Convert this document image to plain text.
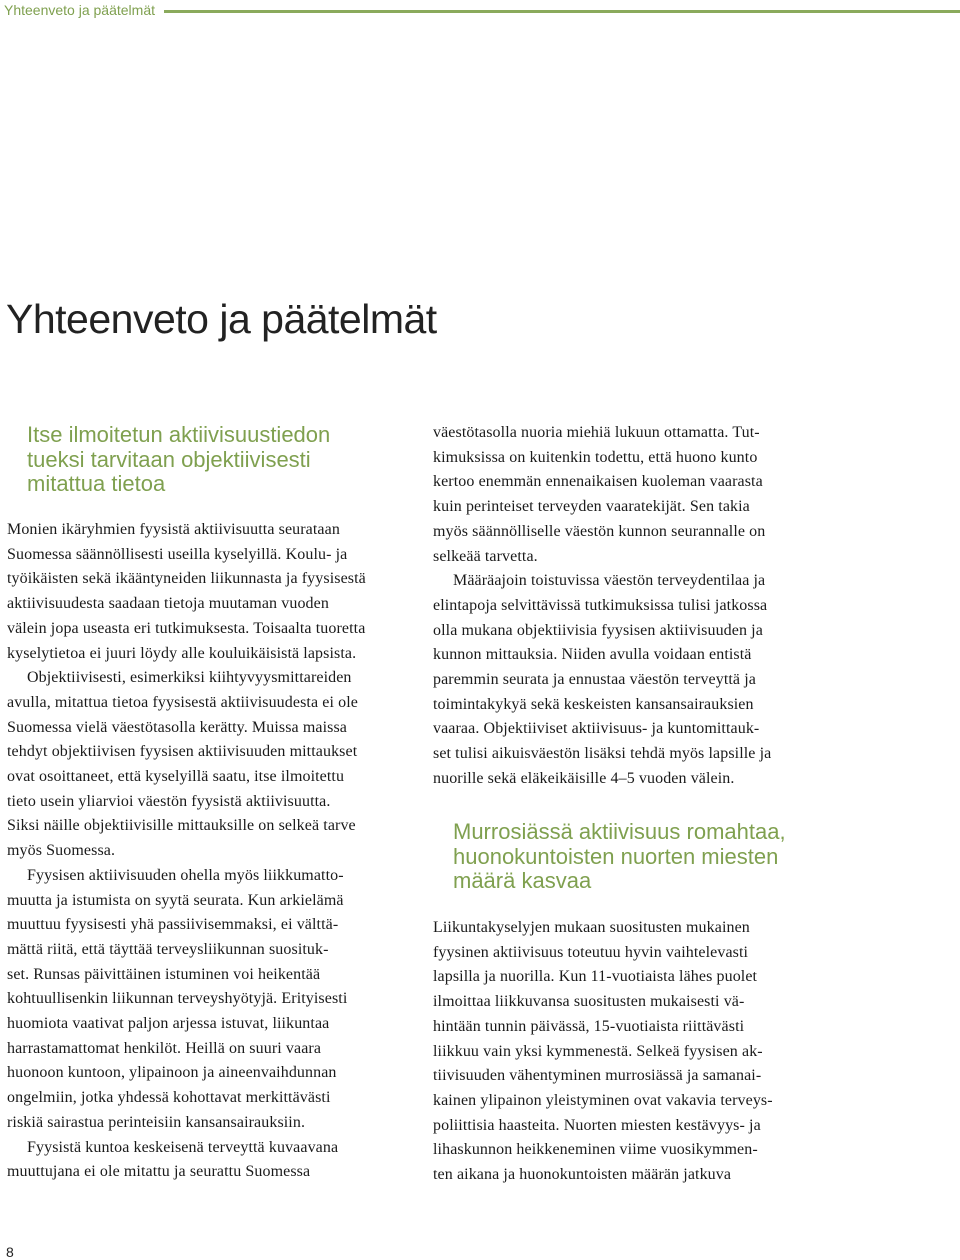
Yhteenveto ja päätelmät
Yhteenveto ja päätelmät
Itse ilmoitetun aktiivisuustiedon
tueksi tarvitaan objektiivisesti
mitattua tietoa

Monien ikäryhmien fyysistä aktiivisuutta seurataan
Suomessa säännöllisesti useilla kyselyillä. Koulu- ja
työikäisten sekä ikääntyneiden liikunnasta ja fyysisestä
aktiivisuudesta saadaan tietoja muutaman vuoden
välein jopa useasta eri tutkimuksesta. Toisaalta tuoretta
kyselytietoa ei juuri löydy alle kouluikäisistä lapsista.

Objektiivisesti, esimerkiksi kiihtyvyysmittareiden
avulla, mitattua tietoa fyysisestä aktiivisuudesta ei ole
Suomessa vielä väestötasolla kerätty. Muissa maissa
tehdyt objektiivisen fyysisen aktiivisuuden mittaukset
ovat osoittaneet, että kyselyillä saatu, itse ilmoitettu
tieto usein yliarvioi väestön fyysistä aktiivisuutta.
Siksi näille objektiivisille mittauksille on selkeä tarve
myös Suomessa.

Fyysisen aktiivisuuden ohella myös liikkumatto-
muutta ja istumista on syytä seurata. Kun arkielämä
muuttuu fyysisesti yhä passiivisemmaksi, ei välttä-
mättä riitä, että täyttää terveysliikunnan suosituk-
set. Runsas päivittäinen istuminen voi heikentää
kohtuullisenkin liikunnan terveyshyötyjä. Erityisesti
huomiota vaativat paljon arjessa istuvat, liikuntaa
harrastamattomat henkilöt. Heillä on suuri vaara
huonoon kuntoon, ylipainoon ja aineenvaihdunnan
ongelmiin, jotka yhdessä kohottavat merkittävästi
riskiä sairastua perinteisiin kansansairauksiin.

Fyysistä kuntoa keskeisenä terveyttä kuvaavana
muuttujana ei ole mitattu ja seurattu Suomessa

väestötasolla nuoria miehiä lukuun ottamatta. Tut-
kimuksissa on kuitenkin todettu, että huono kunto
kertoo enemmän ennenaikaisen kuoleman vaarasta
kuin perinteiset terveyden vaaratekijät. Sen takia
myös säännölliselle väestön kunnon seurannalle on
selkeää tarvetta.

Määräajoin toistuvissa väestön terveydentilaa ja
elintapoja selvittävissä tutkimuksissa tulisi jatkossa
olla mukana objektiivisia fyysisen aktiivisuuden ja
kunnon mittauksia. Niiden avulla voidaan entistä
paremmin seurata ja ennustaa väestön terveyttä ja
toimintakykyä sekä keskeisten kansansairauksien
vaaraa. Objektiiviset aktiivisuus- ja kuntomittauk-
set tulisi aikuisväestön lisäksi tehdä myös lapsille ja
nuorille sekä eläkeikäisille 4–5 vuoden välein.

Murrosiässä aktiivisuus romahtaa,
huonokuntoisten nuorten miesten
määrä kasvaa

Liikuntakyselyjen mukaan suositusten mukainen
fyysinen aktiivisuus toteutuu hyvin vaihtelevasti
lapsilla ja nuorilla. Kun 11-vuotiaista lähes puolet
ilmoittaa liikkuvansa suositusten mukaisesti vä-
hintään tunnin päivässä, 15-vuotiaista riittävästi
liikkuu vain yksi kymmenestä. Selkeä fyysisen ak-
tiivisuuden vähentyminen murrosiässä ja samanai-
kainen ylipainon yleistyminen ovat vakavia terveys-
poliittisia haasteita. Nuorten miesten kestävyys- ja
lihaskunnon heikkeneminen viime vuosikymmen-
ten aikana ja huonokuntoisten määrän jatkuva

8
